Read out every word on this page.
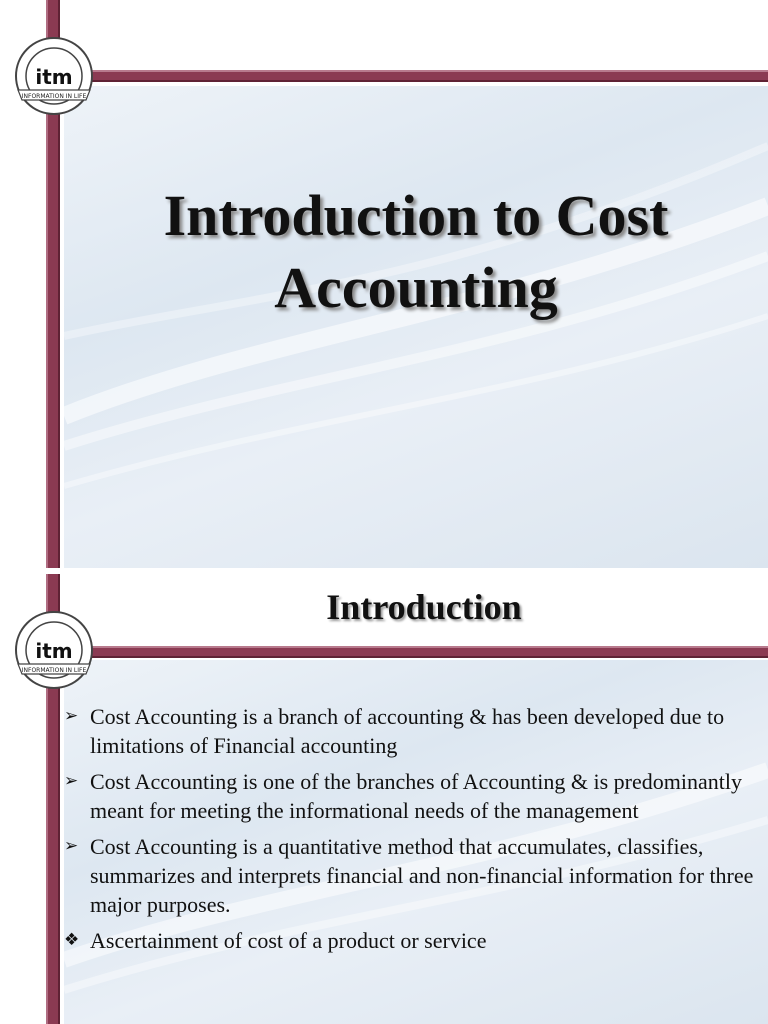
itm
INFORMATION IN LIFE
Introduction to Cost
Accounting
itm
INFORMATION IN LIFE
Introduction
➢ Cost Accounting is a branch of accounting & has been developed due to limitations of Financial accounting
➢ Cost Accounting is one of the branches of Accounting & is predominantly meant for meeting the informational needs of the management
➢ Cost Accounting is a quantitative method that accumulates, classifies, summarizes and interprets financial and non-financial information for three major purposes.
❖ Ascertainment of cost of a product or service
